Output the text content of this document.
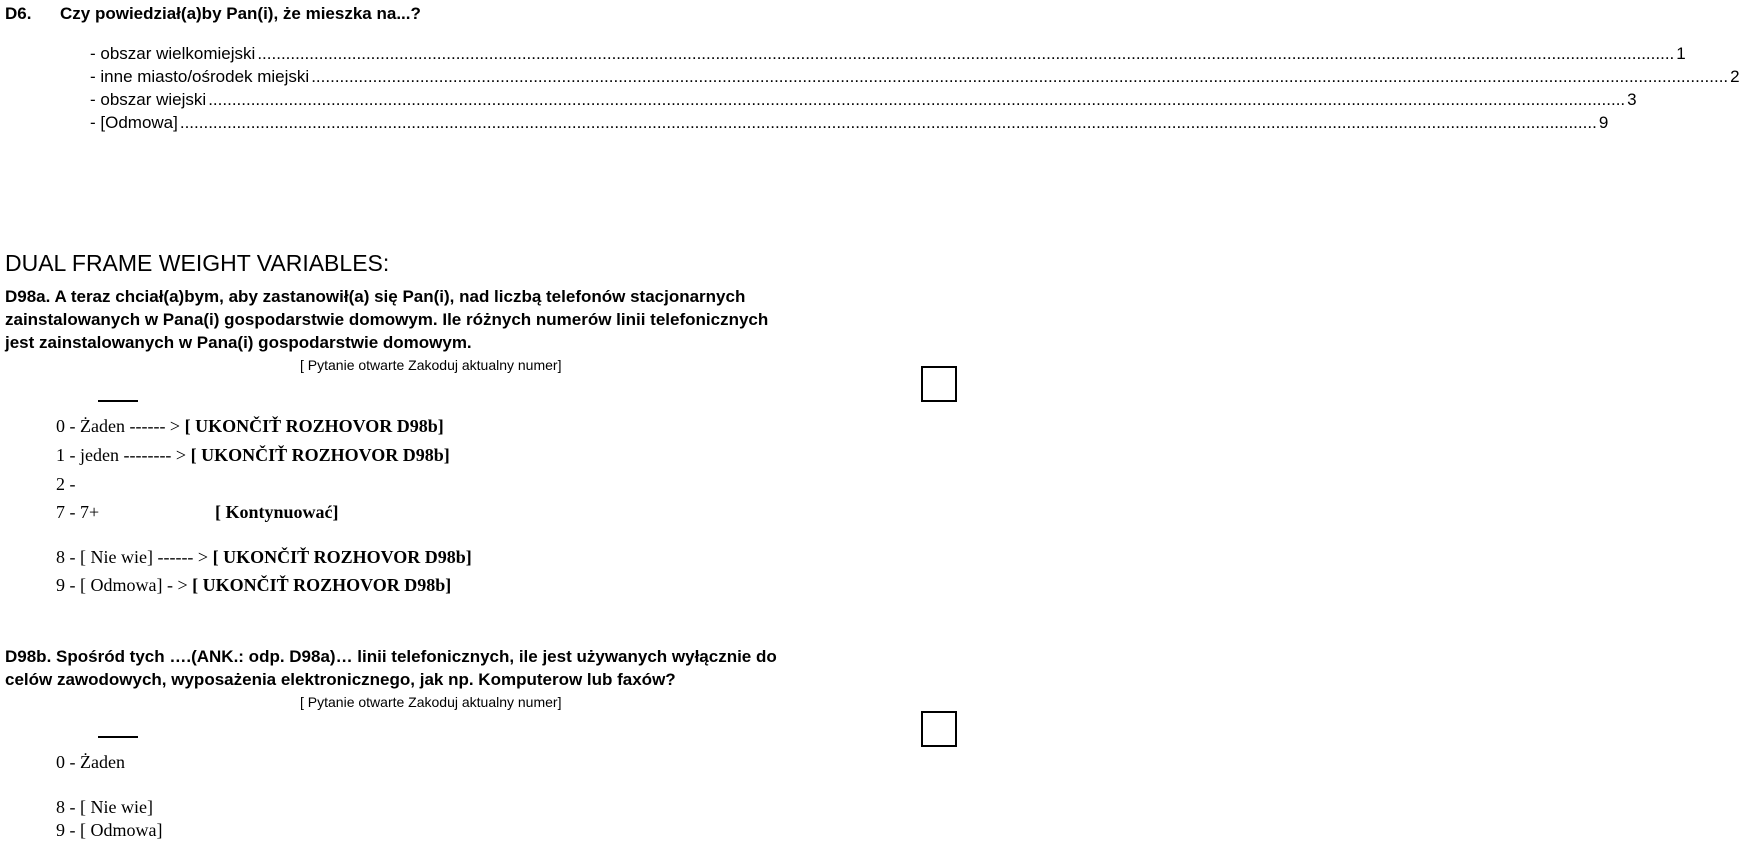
D6. Czy powiedział(a)by Pan(i), że mieszka na...?
- obszar wielkomiejski ............................................................................................................................................................................................................................................................................................................ 1
- inne miasto/ośrodek miejski ............................................................................................................................................................................................................................................................................................................ 2
- obszar wiejski ............................................................................................................................................................................................................................................................................................................ 3
- [Odmowa] ............................................................................................................................................................................................................................................................................................................ 9
DUAL FRAME WEIGHT VARIABLES:
D98a. A teraz chciał(a)bym, aby zastanowił(a) się Pan(i), nad liczbą telefonów stacjonarnych
zainstalowanych w Pana(i) gospodarstwie domowym. Ile różnych numerów linii telefonicznych
jest zainstalowanych w Pana(i) gospodarstwie domowym.
[ Pytanie otwarte Zakoduj aktualny numer]
0 - Żaden ------ > [ UKONČIŤ ROZHOVOR D98b]
1 - jeden -------- > [ UKONČIŤ ROZHOVOR D98b]
2 -
7 - 7+	[ Kontynuować]
8 - [ Nie wie] ------ > [ UKONČIŤ ROZHOVOR D98b]
9 - [ Odmowa] - > [ UKONČIŤ ROZHOVOR D98b]
D98b. Spośród tych ….(ANK.: odp. D98a)… linii telefonicznych, ile jest używanych wyłącznie do
celów zawodowych, wyposażenia elektronicznego, jak np. Komputerow lub faxów?
[ Pytanie otwarte Zakoduj aktualny numer]
0 - Żaden
8 - [ Nie wie]
9 - [ Odmowa]
